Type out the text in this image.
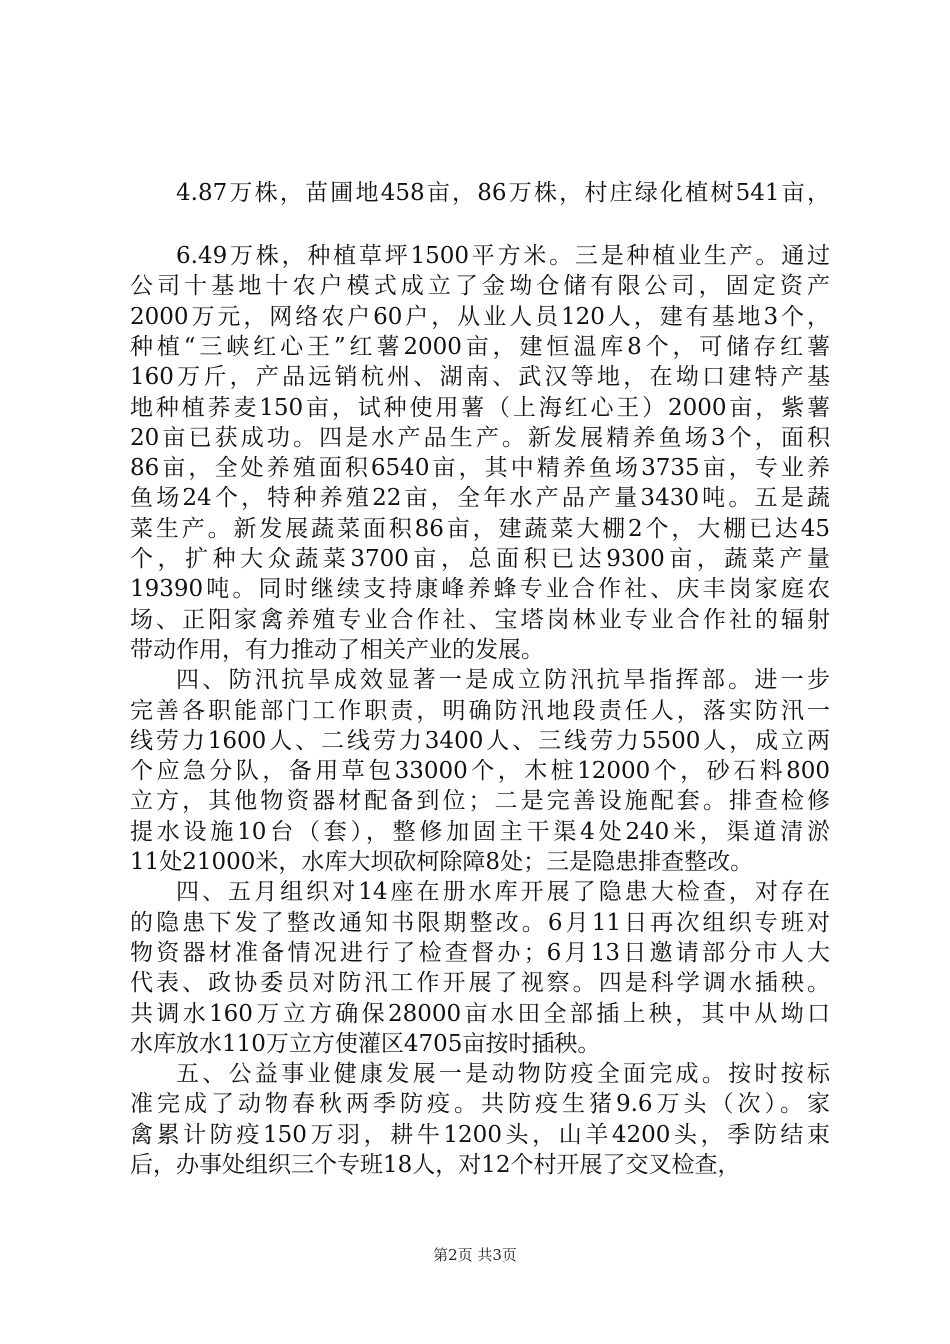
4.87万株，苗圃地458亩，86万株，村庄绿化植树541亩，
6.49万株，种植草坪1500平方米。三是种植业生产。通过
公司十基地十农户模式成立了金坳仓储有限公司，固定资产
2000万元，网络农户60户，从业人员120人，建有基地3个，
种植“三峡红心王”红薯2000亩，建恒温库8个，可储存红薯
160万斤，产品远销杭州、湖南、武汉等地，在坳口建特产基
地种植荞麦150亩，试种使用薯（上海红心王）2000亩，紫薯
20亩已获成功。四是水产品生产。新发展精养鱼场3个，面积
86亩，全处养殖面积6540亩，其中精养鱼场3735亩，专业养
鱼场24个，特种养殖22亩，全年水产品产量3430吨。五是蔬
菜生产。新发展蔬菜面积86亩，建蔬菜大棚2个，大棚已达45
个，扩种大众蔬菜3700亩，总面积已达9300亩，蔬菜产量
19390吨。同时继续支持康峰养蜂专业合作社、庆丰岗家庭农
场、正阳家禽养殖专业合作社、宝塔岗林业专业合作社的辐射
带动作用，有力推动了相关产业的发展。
四、防汛抗旱成效显著一是成立防汛抗旱指挥部。进一步
完善各职能部门工作职责，明确防汛地段责任人，落实防汛一
线劳力1600人、二线劳力3400人、三线劳力5500人，成立两
个应急分队，备用草包33000个，木桩12000个，砂石料800
立方，其他物资器材配备到位；二是完善设施配套。排查检修
提水设施10台（套），整修加固主干渠4处240米，渠道清淤
11处21000米，水库大坝砍柯除障8处；三是隐患排查整改。
四、五月组织对14座在册水库开展了隐患大检查，对存在
的隐患下发了整改通知书限期整改。6月11日再次组织专班对
物资器材准备情况进行了检查督办；6月13日邀请部分市人大
代表、政协委员对防汛工作开展了视察。四是科学调水插秧。
共调水160万立方确保28000亩水田全部插上秧，其中从坳口
水库放水110万立方使灌区4705亩按时插秧。
五、公益事业健康发展一是动物防疫全面完成。按时按标
准完成了动物春秋两季防疫。共防疫生猪9.6万头（次）。家
禽累计防疫150万羽，耕牛1200头，山羊4200头，季防结束
后，办事处组织三个专班18人，对12个村开展了交叉检查，
第2页 共3页
